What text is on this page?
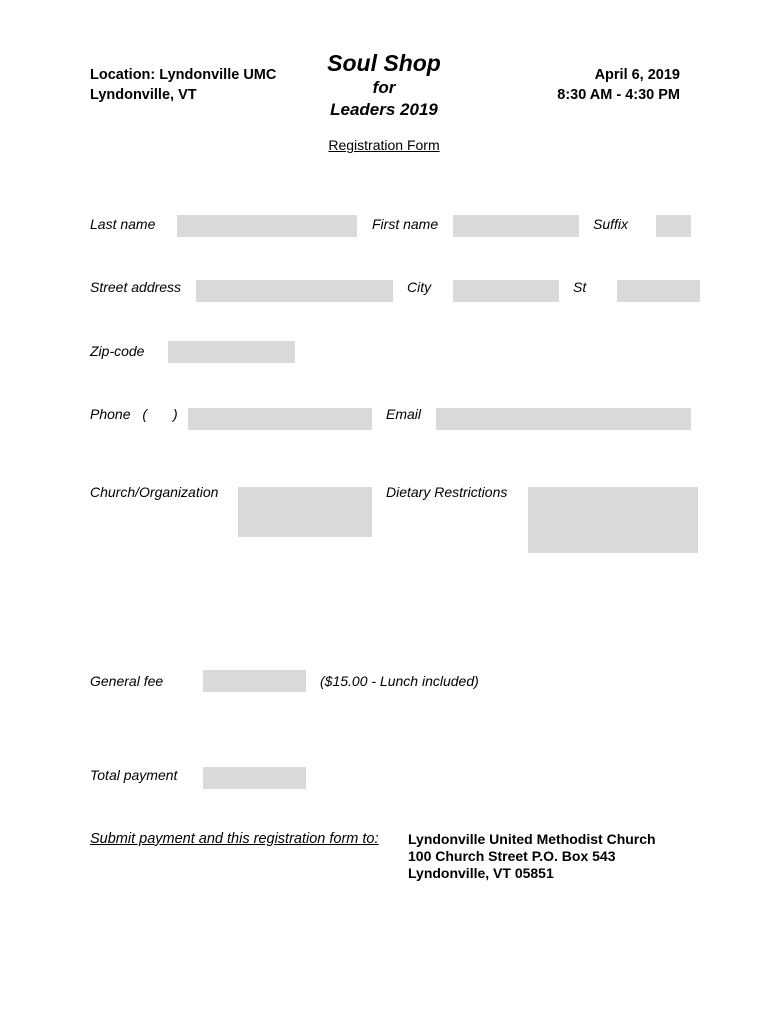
Location: Lyndonville UMC
Lyndonville, VT
Soul Shop
for
Leaders 2019
April 6, 2019
8:30 AM - 4:30 PM
Registration Form
Last name	First name	Suffix
Street address	City	St
Zip-code
Phone ( )	Email
Church/Organization	Dietary Restrictions
General fee	($15.00 - Lunch included)
Total payment
Submit payment and this registration form to: Lyndonville United Methodist Church
100 Church Street P.O. Box 543
Lyndonville, VT 05851
